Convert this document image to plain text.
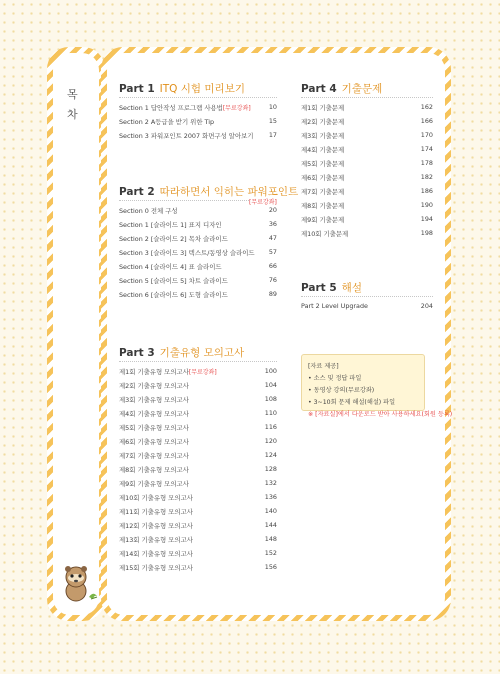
목
차
Part 1 ITQ 시험 미리보기
Section 1 답안작성 프로그램 사용법[무료강좌]	10
Section 2 A등급을 받기 위한 Tip	15
Section 3 파워포인트 2007 화면구성 알아보기 17
Part 2 따라하면서 익히는 파워포인트
[무료강좌]
Section 0 전체 구성	20
Section 1 [슬라이드 1] 표지 디자인	36
Section 2 [슬라이드 2] 목차 슬라이드	47
Section 3 [슬라이드 3] 텍스트/동영상 슬라이드 57
Section 4 [슬라이드 4] 표 슬라이드	66
Section 5 [슬라이드 5] 차트 슬라이드	76
Section 6 [슬라이드 6] 도형 슬라이드	89
Part 3 기출유형 모의고사
제1회 기출유형 모의고사[무료강좌]	100
제2회 기출유형 모의고사	104
제3회 기출유형 모의고사	108
제4회 기출유형 모의고사	110
제5회 기출유형 모의고사	116
제6회 기출유형 모의고사	120
제7회 기출유형 모의고사	124
제8회 기출유형 모의고사	128
제9회 기출유형 모의고사	132
제10회 기출유형 모의고사	136
제11회 기출유형 모의고사	140
제12회 기출유형 모의고사	144
제13회 기출유형 모의고사	148
제14회 기출유형 모의고사	152
제15회 기출유형 모의고사	156
Part 4 기출문제
제1회 기출문제	162
제2회 기출문제	166
제3회 기출문제	170
제4회 기출문제	174
제5회 기출문제	178
제6회 기출문제	182
제7회 기출문제	186
제8회 기출문제	190
제9회 기출문제	194
제10회 기출문제	198
Part 5 해설
Part 2 Level Upgrade	204
[자료 제공]
• 소스 및 정답 파일
• 동영상 강의(무료강좌)
• 3~10회 문제 해설(해설) 파일
※ [자료실]에서 다운로드 받아 사용하세요(회원 등록)
